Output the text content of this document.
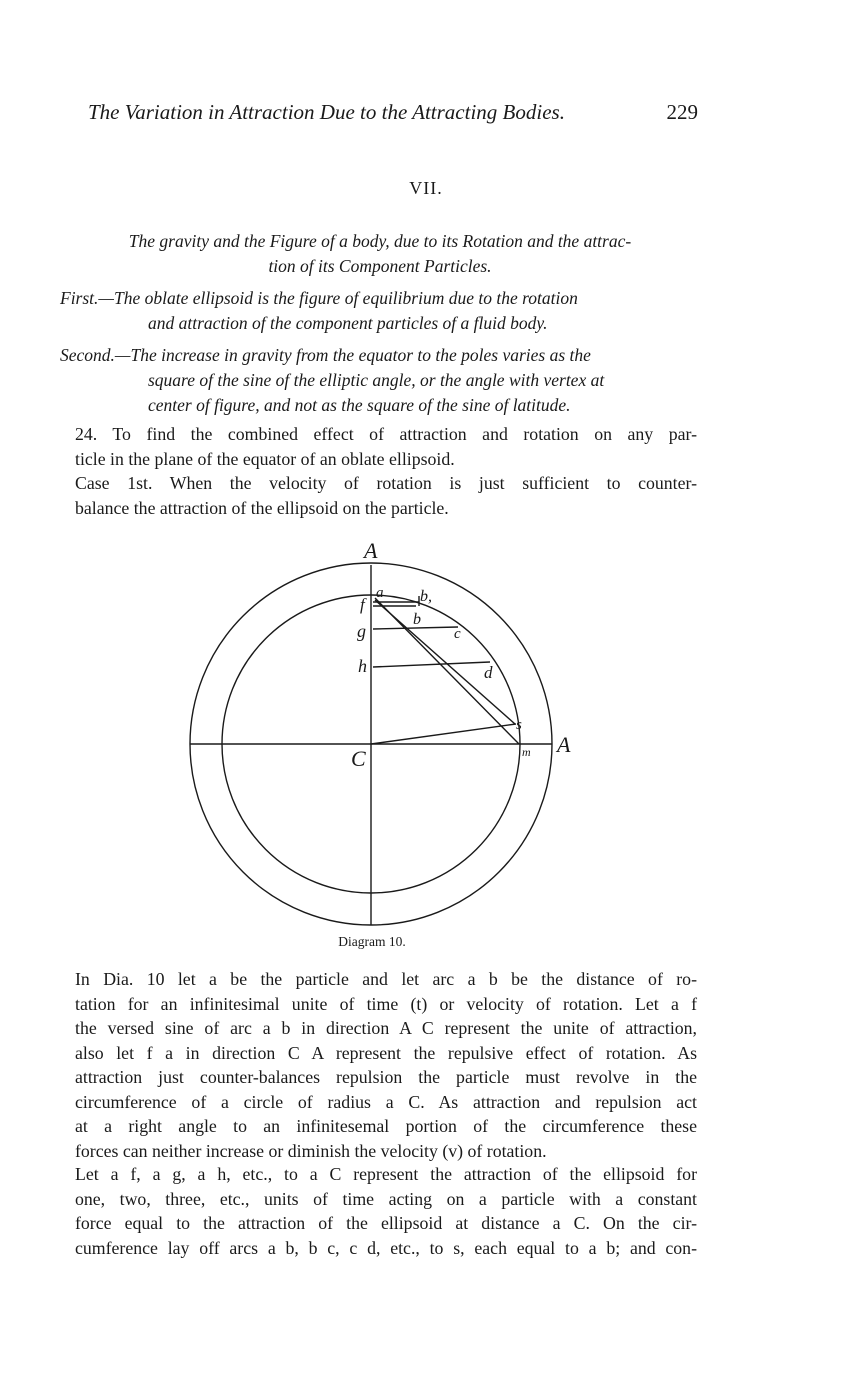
The Variation in Attraction Due to the Attracting Bodies.	229
VII.
The gravity and the Figure of a body, due to its Rotation and the attrac-
tion of its Component Particles.
First.—The oblate ellipsoid is the figure of equilibrium due to the rotation
and attraction of the component particles of a fluid body.
Second.—The increase in gravity from the equator to the poles varies as the
square of the sine of the elliptic angle, or the angle with vertex at
center of figure, and not as the square of the sine of latitude.
24. To find the combined effect of attraction and rotation on any par-
ticle in the plane of the equator of an oblate ellipsoid.
Case 1st. When the velocity of rotation is just sufficient to counter-
balance the attraction of the ellipsoid on the particle.
A
A
C
a b,
b
c
d
f
g
h
s
m
Diagram 10.
In Dia. 10 let a be the particle and let arc a b be the distance of ro-
tation for an infinitesimal unite of time (t) or velocity of rotation. Let a f
the versed sine of arc a b in direction A C represent the unite of attraction,
also let f a in direction C A represent the repulsive effect of rotation. As
attraction just counter-balances repulsion the particle must revolve in the
circumference of a circle of radius a C. As attraction and repulsion act
at a right angle to an infinitesemal portion of the circumference these
forces can neither increase or diminish the velocity (v) of rotation.
Let a f, a g, a h, etc., to a C represent the attraction of the ellipsoid for
one, two, three, etc., units of time acting on a particle with a constant
force equal to the attraction of the ellipsoid at distance a C. On the cir-
cumference lay off arcs a b, b c, c d, etc., to s, each equal to a b; and con-
